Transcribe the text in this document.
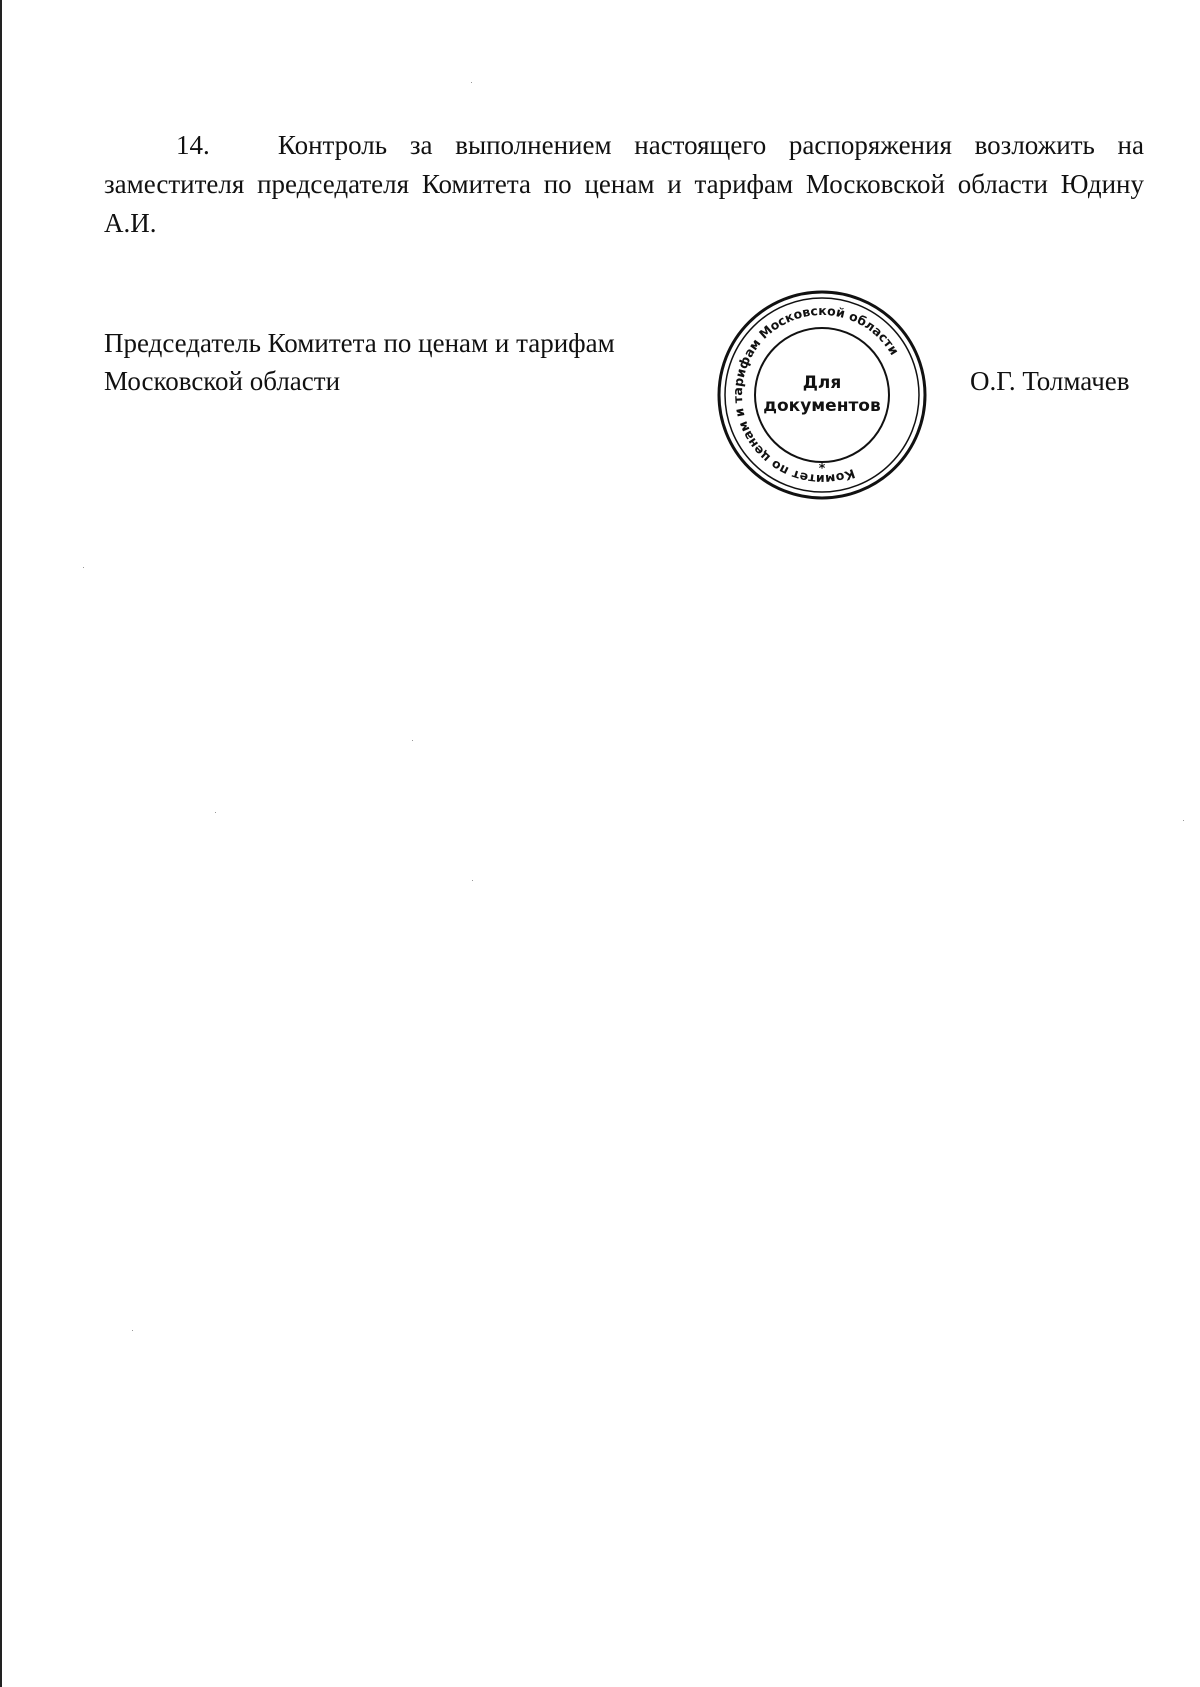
14.	Контроль за выполнением настоящего распоряжения возложить на заместителя председателя Комитета по ценам и тарифам Московской области Юдину А.И.
Председатель Комитета по ценам и тарифам
Московской области
Комитет по ценам и тарифам Московской области
Для
документов
*
О.Г. Толмачев
